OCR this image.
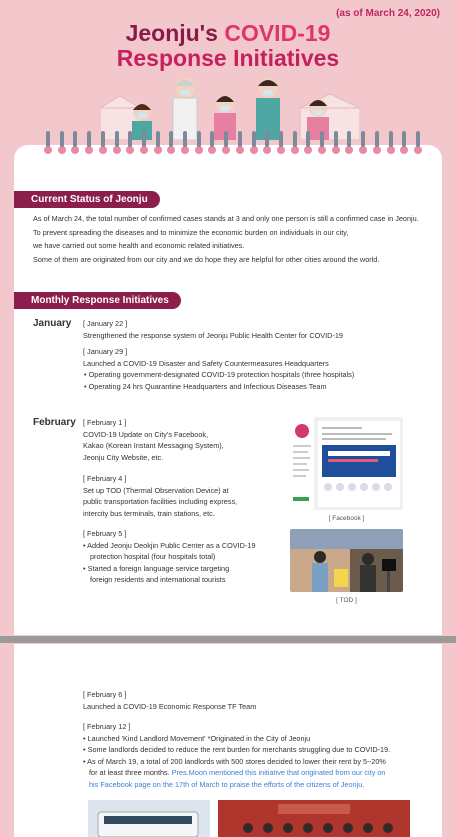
(as of March 24, 2020)
Jeonju's COVID-19
Response Initiatives
Current Status of Jeonju
As of March 24, the total number of confirmed cases stands at 3 and only one person is still a confirmed case in Jeonju.
To prevent spreading the diseases and to minimize the economic burden on individuals in our city,
we have carried out some health and economic related initiatives.
Some of them are originated from our city and we do hope they are helpful for other cities around the world.
Monthly Response Initiatives
January [ January 22 ]
Strengthened the response system of Jeonju Public Health Center for COVID-19
[ January 29 ]
Launched a COVID-19 Disaster and Safety Countermeasures Headquarters
• Operating government-designated COVID-19 protection hospitals (three hospitals)
• Operating 24 hrs Quarantine Headquarters and Infectious Diseases Team
February [ February 1 ]
COVID-19 Update on City's Facebook,
Kakao (Korean Instant Messaging System),
Jeonju City Website, etc.
[ February 4 ]
Set up TOD (Thermal Observation Device) at
public transportation facilities including express,
intercity bus terminals, train stations, etc.
[ February 5 ]
• Added Jeonju Deokjin Public Center as a COVID-19
protection hospital (four hospitals total)
• Started a foreign language service targeting
foreign residents and international tourists
[ Facebook ]
[ TOD ]
[ February 6 ]
Launched a COVID-19 Economic Response TF Team
[ February 12 ]
• Launched 'Kind Landlord Movement' *Originated in the City of Jeonju
• Some landlords decided to reduce the rent burden for merchants struggling due to COVID-19.
• As of March 19, a total of 200 landlords with 500 stores decided to lower their rent by 5~20%
for at least three months. Pres.Moon mentioned this initiative that originated from our city on
his Facebook page on the 17th of March to praise the efforts of the citizens of Jeonju.
